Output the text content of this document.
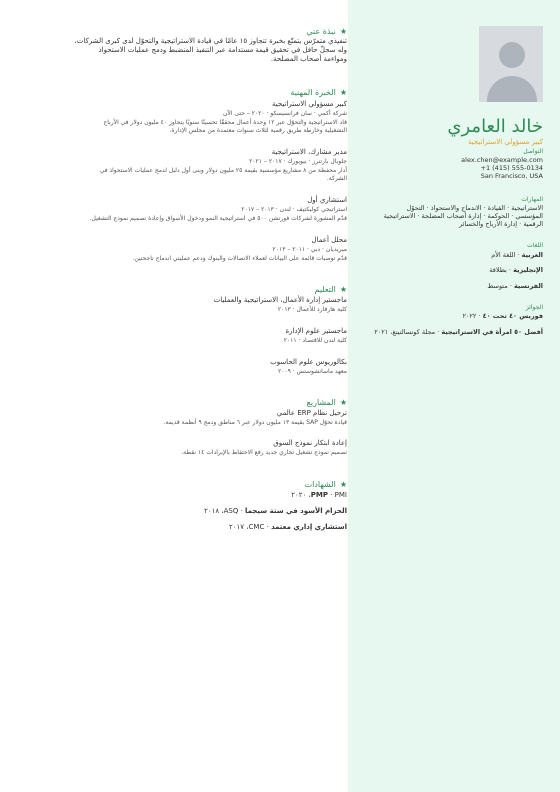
خالد العامري
كبير مسؤولي الاستراتيجية
التواصل
alex.chen@example.com
+1 (415) 555-0134
San Francisco, USA
المهارات
الاستراتيجية · القيادة · الاندماج والاستحواذ · التحوّل
المؤسسي · الحوكمة · إدارة أصحاب المصلحة · الاستراتيجية
الرقمية · إدارة الأرباح والخسائر
اللغات
العربية · اللغة الأم
الإنجليزية · بطلاقة
الفرنسية · متوسط
الجوائز
فوربس ٤٠ تحت ٤٠ · ٢٠٢٢
أفضل ٥٠ امرأة في الاستراتيجية · مجلة كونسالتينغ، ٢٠٢١
★نبذة عني
تنفيذي متمرّس يتمتّع بخبرة تتجاوز ١٥ عامًا في قيادة الاستراتيجية والتحوّل لدى كبرى الشركات،
وله سجلّ حافل في تحقيق قيمة مستدامة عبر التنفيذ المنضبط ودمج عمليات الاستحواذ
ومواءمة أصحاب المصلحة.
★الخبرة المهنية
كبير مسؤولي الاستراتيجية
شركة أكمي · سان فرانسيسكو · ٢٠٢٠ – حتى الآن
قاد الاستراتيجية والتحوّل عبر ١٢ وحدة أعمال محققًا تحسينًا سنويًا يتجاوز ٤٠ مليون دولار في الأرباح
التشغيلية وخارطة طريق رقمية لثلاث سنوات معتمدة من مجلس الإدارة.
مدير مشارك، الاستراتيجية
جلوبال بارتنرز · نيويورك · ٢٠١٧ – ٢٠٢١
أدار محفظة من ٨ مشاريع مؤسسية بقيمة ٢٥ مليون دولار وبنى أول دليل لدمج عمليات الاستحواذ في
الشركة.
استشاري أول
استراتيجي كوليكتيف · لندن · ٢٠١٣ – ٢٠١٧
قدّم المشورة لشركات فورتشن ٥٠٠ في استراتيجية النمو ودخول الأسواق وإعادة تصميم نموذج التشغيل.
محلل أعمال
ميريديان · دبي · ٢٠١١ – ٢٠١٣
قدّم توصيات قائمة على البيانات لعملاء الاتصالات والبنوك ودعم عمليتي اندماج ناجحتين.
★التعليم
ماجستير إدارة الأعمال، الاستراتيجية والعمليات
كلية هارفارد للأعمال · ٢٠١٣
ماجستير علوم الإدارة
كلية لندن للاقتصاد · ٢٠١١
بكالوريوس علوم الحاسوب
معهد ماساتشوستس · ٢٠٠٩
★المشاريع
ترحيل نظام ERP عالمي
قيادة تحوّل SAP بقيمة ١٣ مليون دولار عبر ٦ مناطق ودمج ٩ أنظمة قديمة.
إعادة ابتكار نموذج السوق
تصميم نموذج تشغيل تجاري جديد رفع الاحتفاظ بالإيرادات ١٤ نقطة.
★الشهادات
PMP · PMI، ٢٠٢٠
الحزام الأسود في ستة سيجما · ASQ، ٢٠١٨
استشاري إداري معتمد · CMC، ٢٠١٧
